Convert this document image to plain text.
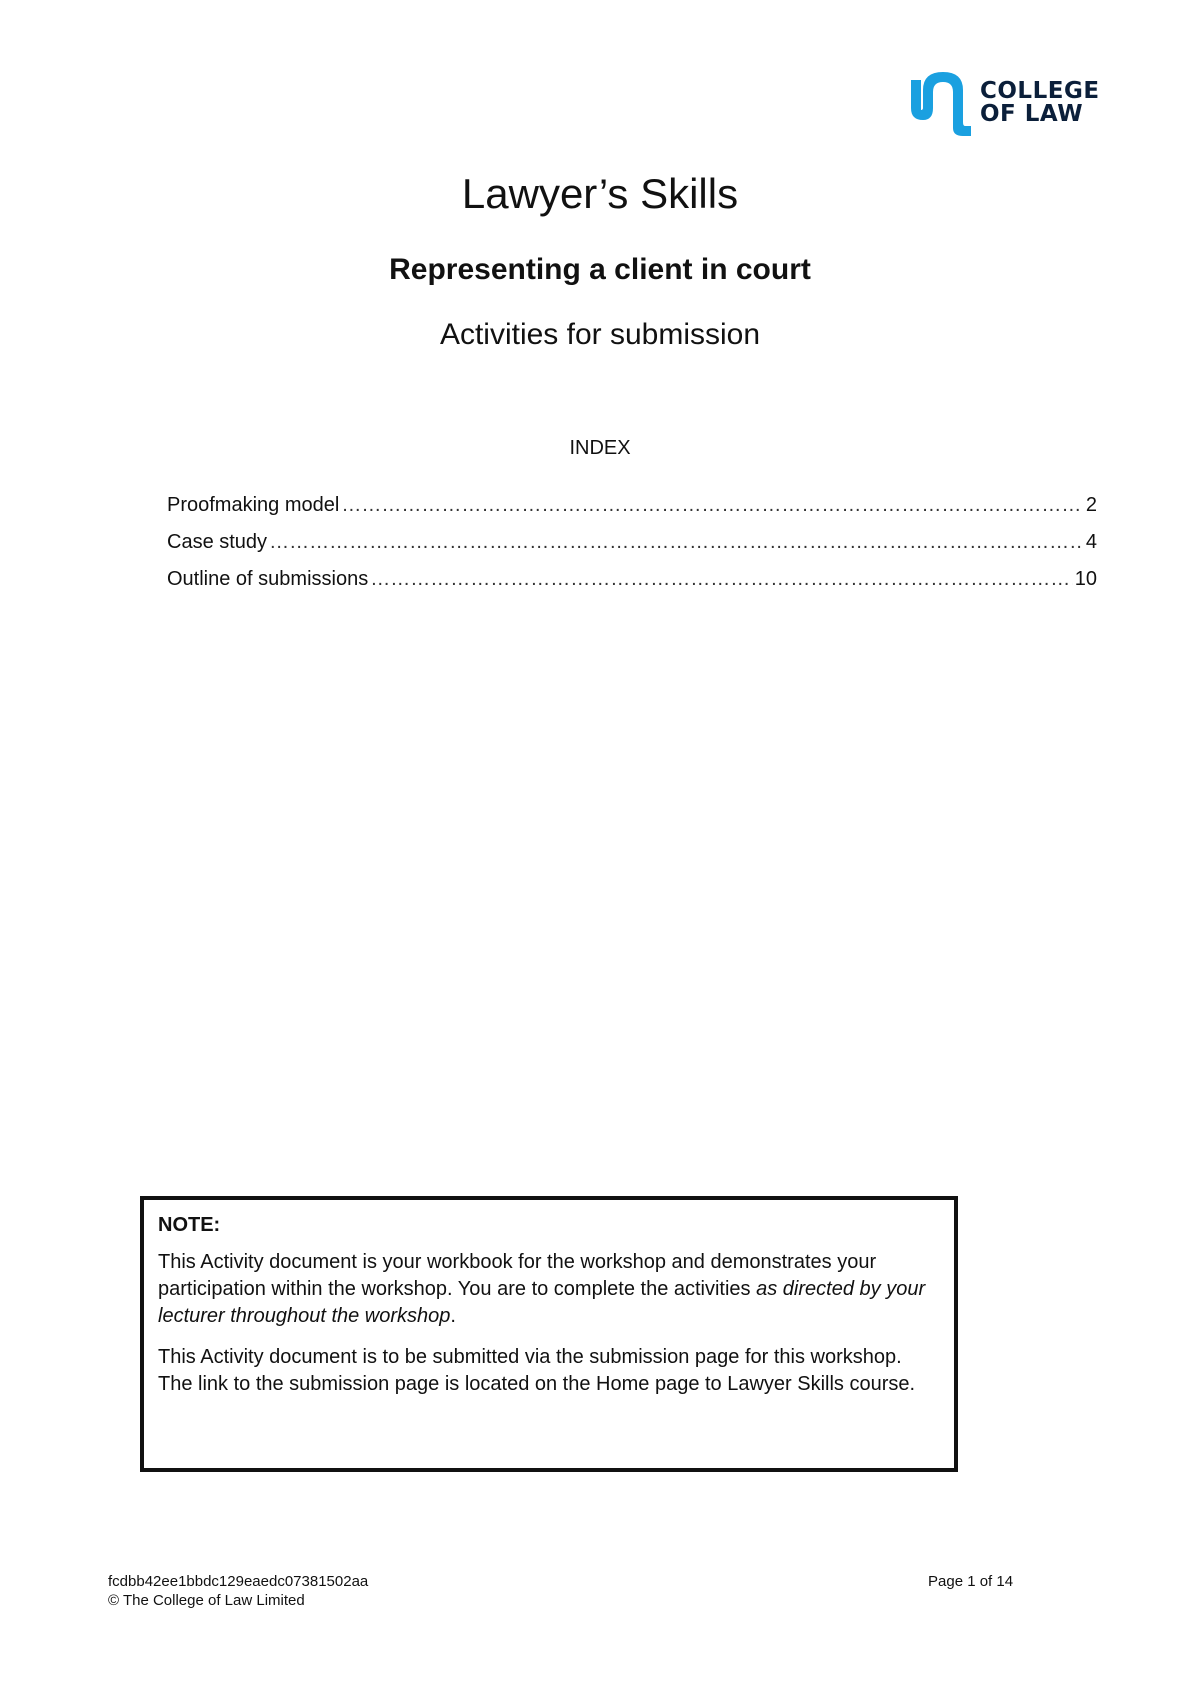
COLLEGE
OF LAW
Lawyer’s Skills
Representing a client in court
Activities for submission
INDEX
Proofmaking model ……………………………………………………………………………………………………………………………………………………………………………………………………………………………………	2
Case study ……………………………………………………………………………………………………………………………………………………………………………………………………………………………………	4
Outline of submissions ……………………………………………………………………………………………………………………………………………………………………………………………………………………………………	10
NOTE:

This Activity document is your workbook for the workshop and demonstrates your participation within the workshop. You are to complete the activities as directed by your lecturer throughout the workshop.

This Activity document is to be submitted via the submission page for this workshop. The link to the submission page is located on the Home page to Lawyer Skills course.

fcdbb42ee1bbdc129eaedc07381502aa
© The College of Law Limited
Page 1 of 14
